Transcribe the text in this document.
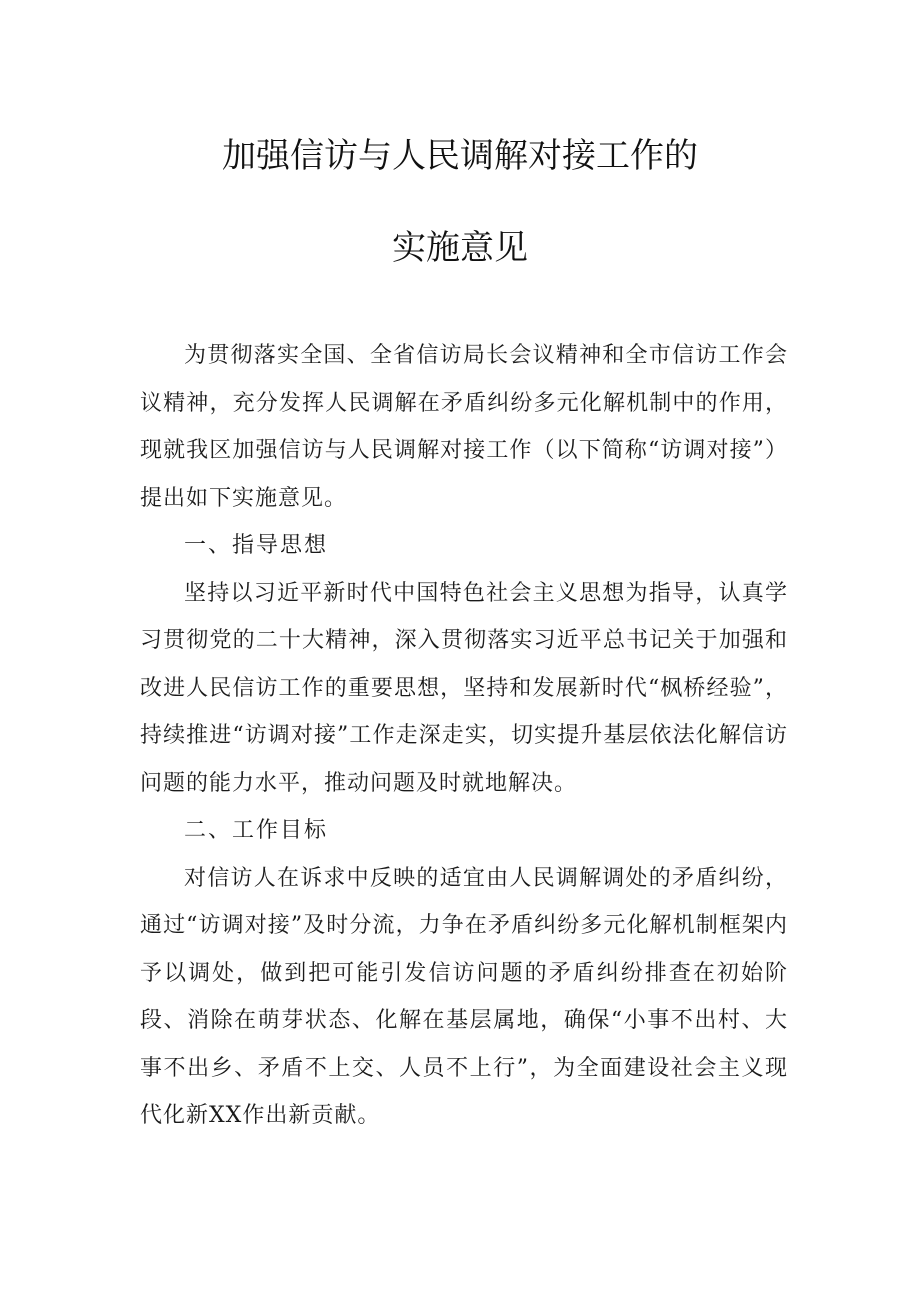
加强信访与人民调解对接工作的
实施意见

为贯彻落实全国、全省信访局长会议精神和全市信访工作会议精神，充分发挥人民调解在矛盾纠纷多元化解机制中的作用，现就我区加强信访与人民调解对接工作（以下简称“访调对接”）提出如下实施意见。

一、指导思想

坚持以习近平新时代中国特色社会主义思想为指导，认真学习贯彻党的二十大精神，深入贯彻落实习近平总书记关于加强和改进人民信访工作的重要思想，坚持和发展新时代“枫桥经验”，持续推进“访调对接”工作走深走实，切实提升基层依法化解信访问题的能力水平，推动问题及时就地解决。

二、工作目标

对信访人在诉求中反映的适宜由人民调解调处的矛盾纠纷，通过“访调对接”及时分流，力争在矛盾纠纷多元化解机制框架内予以调处，做到把可能引发信访问题的矛盾纠纷排查在初始阶段、消除在萌芽状态、化解在基层属地，确保“小事不出村、大事不出乡、矛盾不上交、人员不上行”，为全面建设社会主义现代化新XX作出新贡献。
